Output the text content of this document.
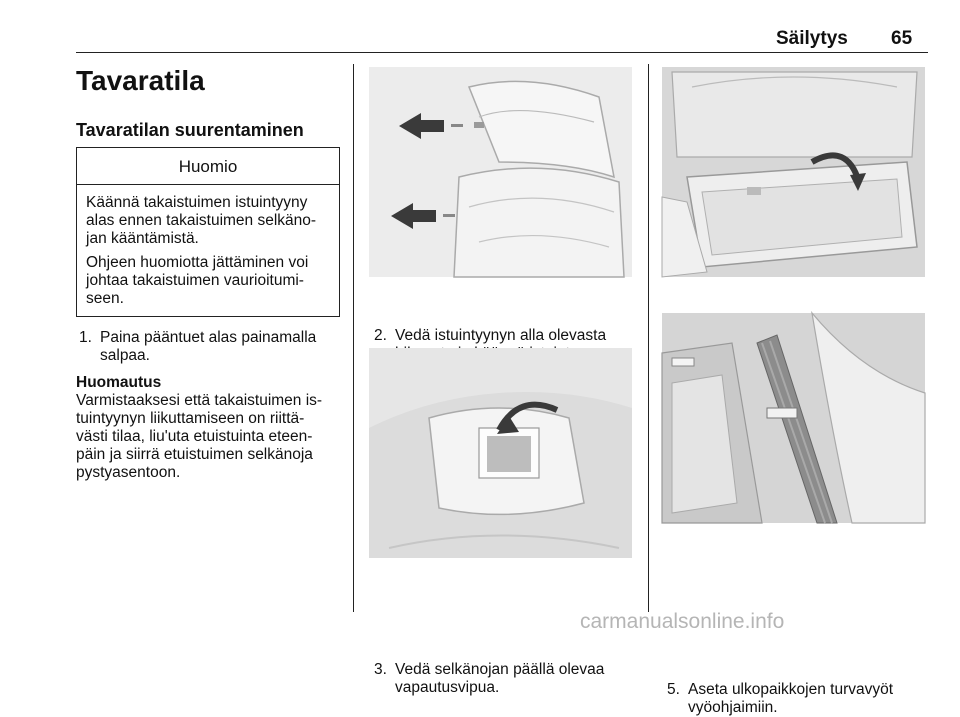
Säilytys 65
Tavaratila
Tavaratilan suurentaminen
Huomio

Käännä takaistuimen istuintyyny
alas ennen takaistuimen selkäno-
jan kääntämistä.

Ohjeen huomiotta jättäminen voi
johtaa takaistuimen vaurioitumi-
seen.

1. Paina pääntuet alas painamalla
salpaa.
Huomautus
Varmistaaksesi että takaistuimen is-
tuintyynyn liikuttamiseen on riittä-
västi tilaa, liu'uta etuistuinta eteen-
päin ja siirrä etuistuimen selkänoja
pystyasentoon.
2. Vedä istuintyynyn alla olevasta

3. Vedä selkänojan päällä olevaa
vapautusvipua.	5. Aseta ulkopaikkojen turvavyöt
vyöohjaimiin.
carmanualsonline.info
